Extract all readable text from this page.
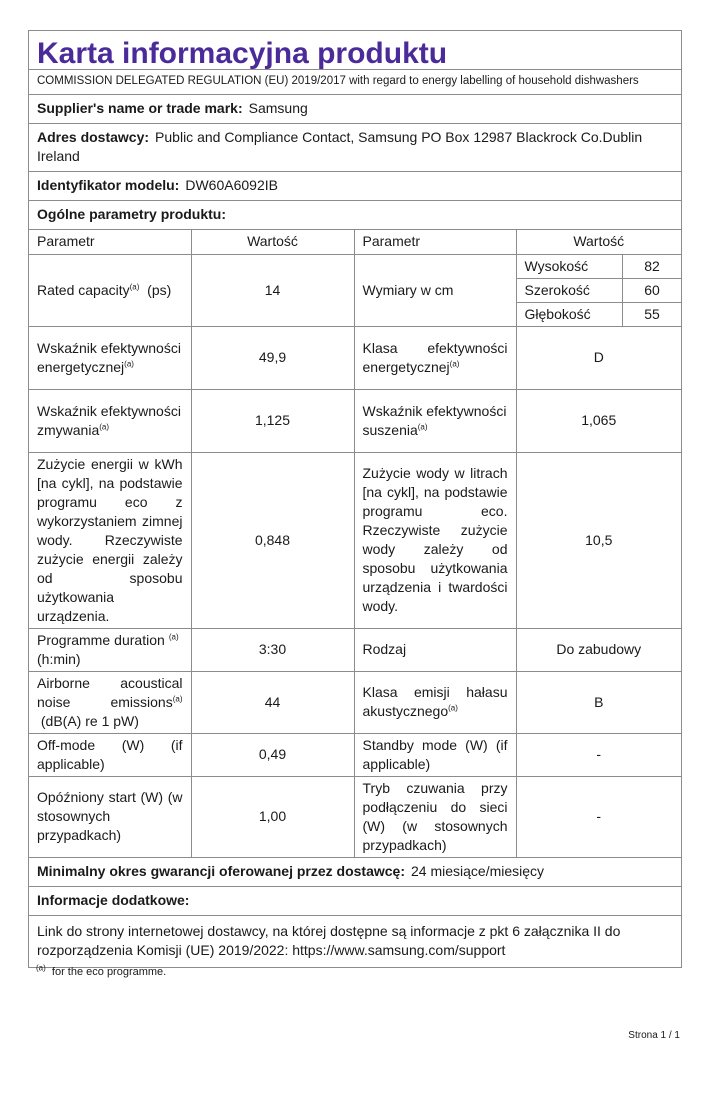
Karta informacyjna produktu
COMMISSION DELEGATED REGULATION (EU) 2019/2017 with regard to energy labelling of household dishwashers
Supplier's name or trade mark: Samsung
Adres dostawcy: Public and Compliance Contact, Samsung PO Box 12987 Blackrock Co.Dublin Ireland
Identyfikator modelu: DW60A6092IB
Ogólne parametry produktu:
Parametr	Wartość	Parametr	Wartość
Rated capacity$^{(a)}$ (ps)	14	Wymiary w cm	
Wysokość	82
Szerokość	60
Głębokość	55

Wskaźnik efektywności energetycznej$^{(a)}$	49,9	Klasa efektywności energetycznej$^{(a)}$	D
Wskaźnik efektywności zmywania$^{(a)}$	1,125	Wskaźnik efektywności suszenia$^{(a)}$	1,065
Zużycie energii w kWh [na cykl], na podstawie programu eco z wykorzystaniem zimnej wody. Rzeczywiste zużycie energii zależy od sposobu użytkowania urządzenia.	0,848	Zużycie wody w litrach [na cykl], na podstawie programu eco. Rzeczywiste zużycie wody zależy od sposobu użytkowania urządzenia i twardości wody.	10,5
Programme duration $^{(a)}$  (h:min)	3:30	Rodzaj	Do zabudowy
Airborne acoustical noise emissions$^{(a)}$  (dB(A) re 1 pW)	44	Klasa emisji hałasu akustycznego$^{(a)}$	B
Off-mode (W) (if applicable)	0,49	Standby mode (W) (if applicable)	-
Opóźniony start (W) (w stosownych przypadkach)	1,00	Tryb czuwania przy podłączeniu do sieci (W) (w stosownych przypadkach)	-
Minimalny okres gwarancji oferowanej przez dostawcę: 24 miesiące/miesięcy
Informacje dodatkowe:
Link do strony internetowej dostawcy, na której dostępne są informacje z pkt 6 załącznika II do rozporządzenia Komisji (UE) 2019/2022: https://www.samsung.com/support
$^{(a)}$ for the eco programme.
Strona 1 / 1
